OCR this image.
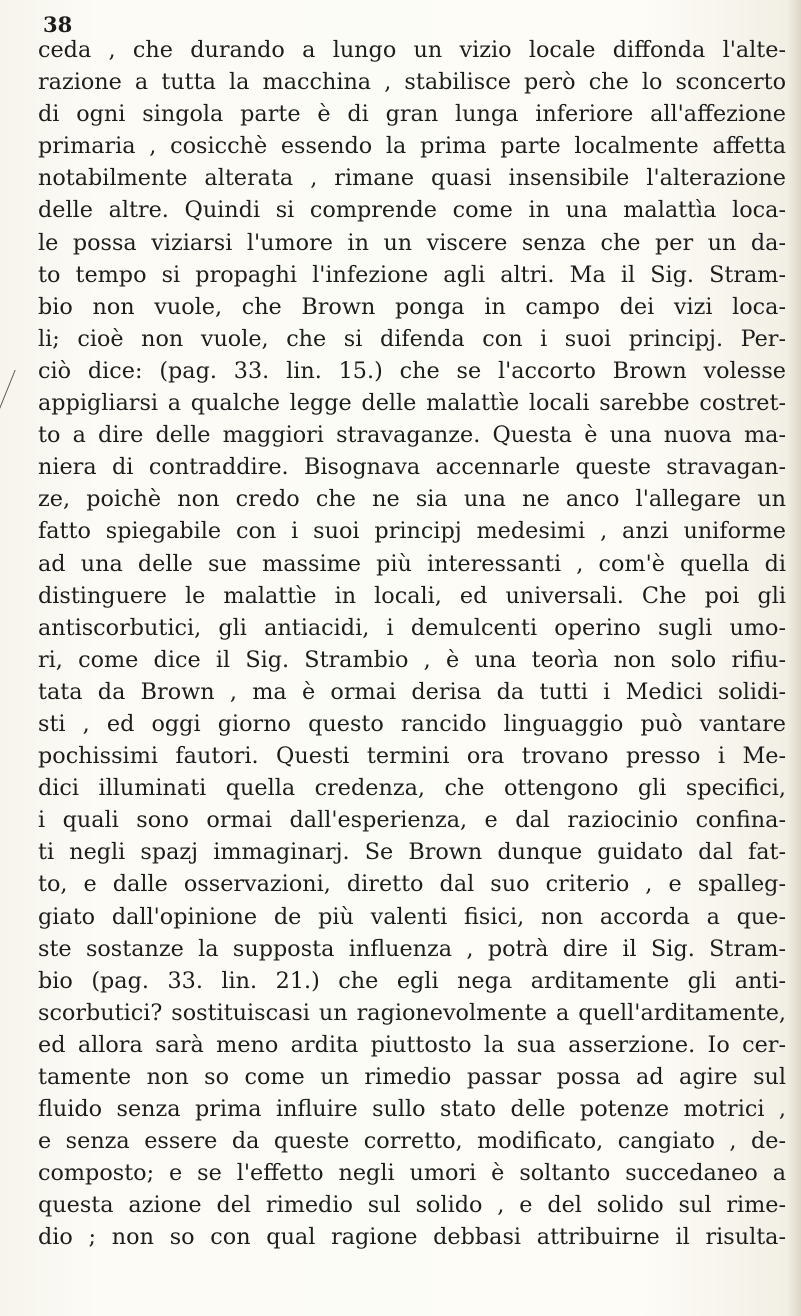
38
ceda , che durando a lungo un vizio locale diffonda l'alte-
razione a tutta la macchina , stabilisce però che lo sconcerto
di ogni singola parte è di gran lunga inferiore all'affezione
primaria , cosicchè essendo la prima parte localmente affetta
notabilmente alterata , rimane quasi insensibile l'alterazione
delle altre. Quindi si comprende come in una malattìa loca-
le possa viziarsi l'umore in un viscere senza che per un da-
to tempo si propaghi l'infezione agli altri. Ma il Sig. Stram-
bio non vuole, che Brown ponga in campo dei vizi loca-
li; cioè non vuole, che si difenda con i suoi principj. Per-
ciò dice: (pag. 33. lin. 15.) che se l'accorto Brown volesse
appigliarsi a qualche legge delle malattìe locali sarebbe costret-
to a dire delle maggiori stravaganze. Questa è una nuova ma-
niera di contraddire. Bisognava accennarle queste stravagan-
ze, poichè non credo che ne sia una ne anco l'allegare un
fatto spiegabile con i suoi principj medesimi , anzi uniforme
ad una delle sue massime più interessanti , com'è quella di
distinguere le malattìe in locali, ed universali. Che poi gli
antiscorbutici, gli antiacidi, i demulcenti operino sugli umo-
ri, come dice il Sig. Strambio , è una teorìa non solo rifiu-
tata da Brown , ma è ormai derisa da tutti i Medici solidi-
sti , ed oggi giorno questo rancido linguaggio può vantare
pochissimi fautori. Questi termini ora trovano presso i Me-
dici illuminati quella credenza, che ottengono gli specifici,
i quali sono ormai dall'esperienza, e dal raziocinio confina-
ti negli spazj immaginarj. Se Brown dunque guidato dal fat-
to, e dalle osservazioni, diretto dal suo criterio , e spalleg-
giato dall'opinione de più valenti fisici, non accorda a que-
ste sostanze la supposta influenza , potrà dire il Sig. Stram-
bio (pag. 33. lin. 21.) che egli nega arditamente gli anti-
scorbutici? sostituiscasi un ragionevolmente a quell'arditamente,
ed allora sarà meno ardita piuttosto la sua asserzione. Io cer-
tamente non so come un rimedio passar possa ad agire sul
fluido senza prima influire sullo stato delle potenze motrici ,
e senza essere da queste corretto, modificato, cangiato , de-
composto; e se l'effetto negli umori è soltanto succedaneo a
questa azione del rimedio sul solido , e del solido sul rime-
dio ; non so con qual ragione debbasi attribuirne il risulta-
